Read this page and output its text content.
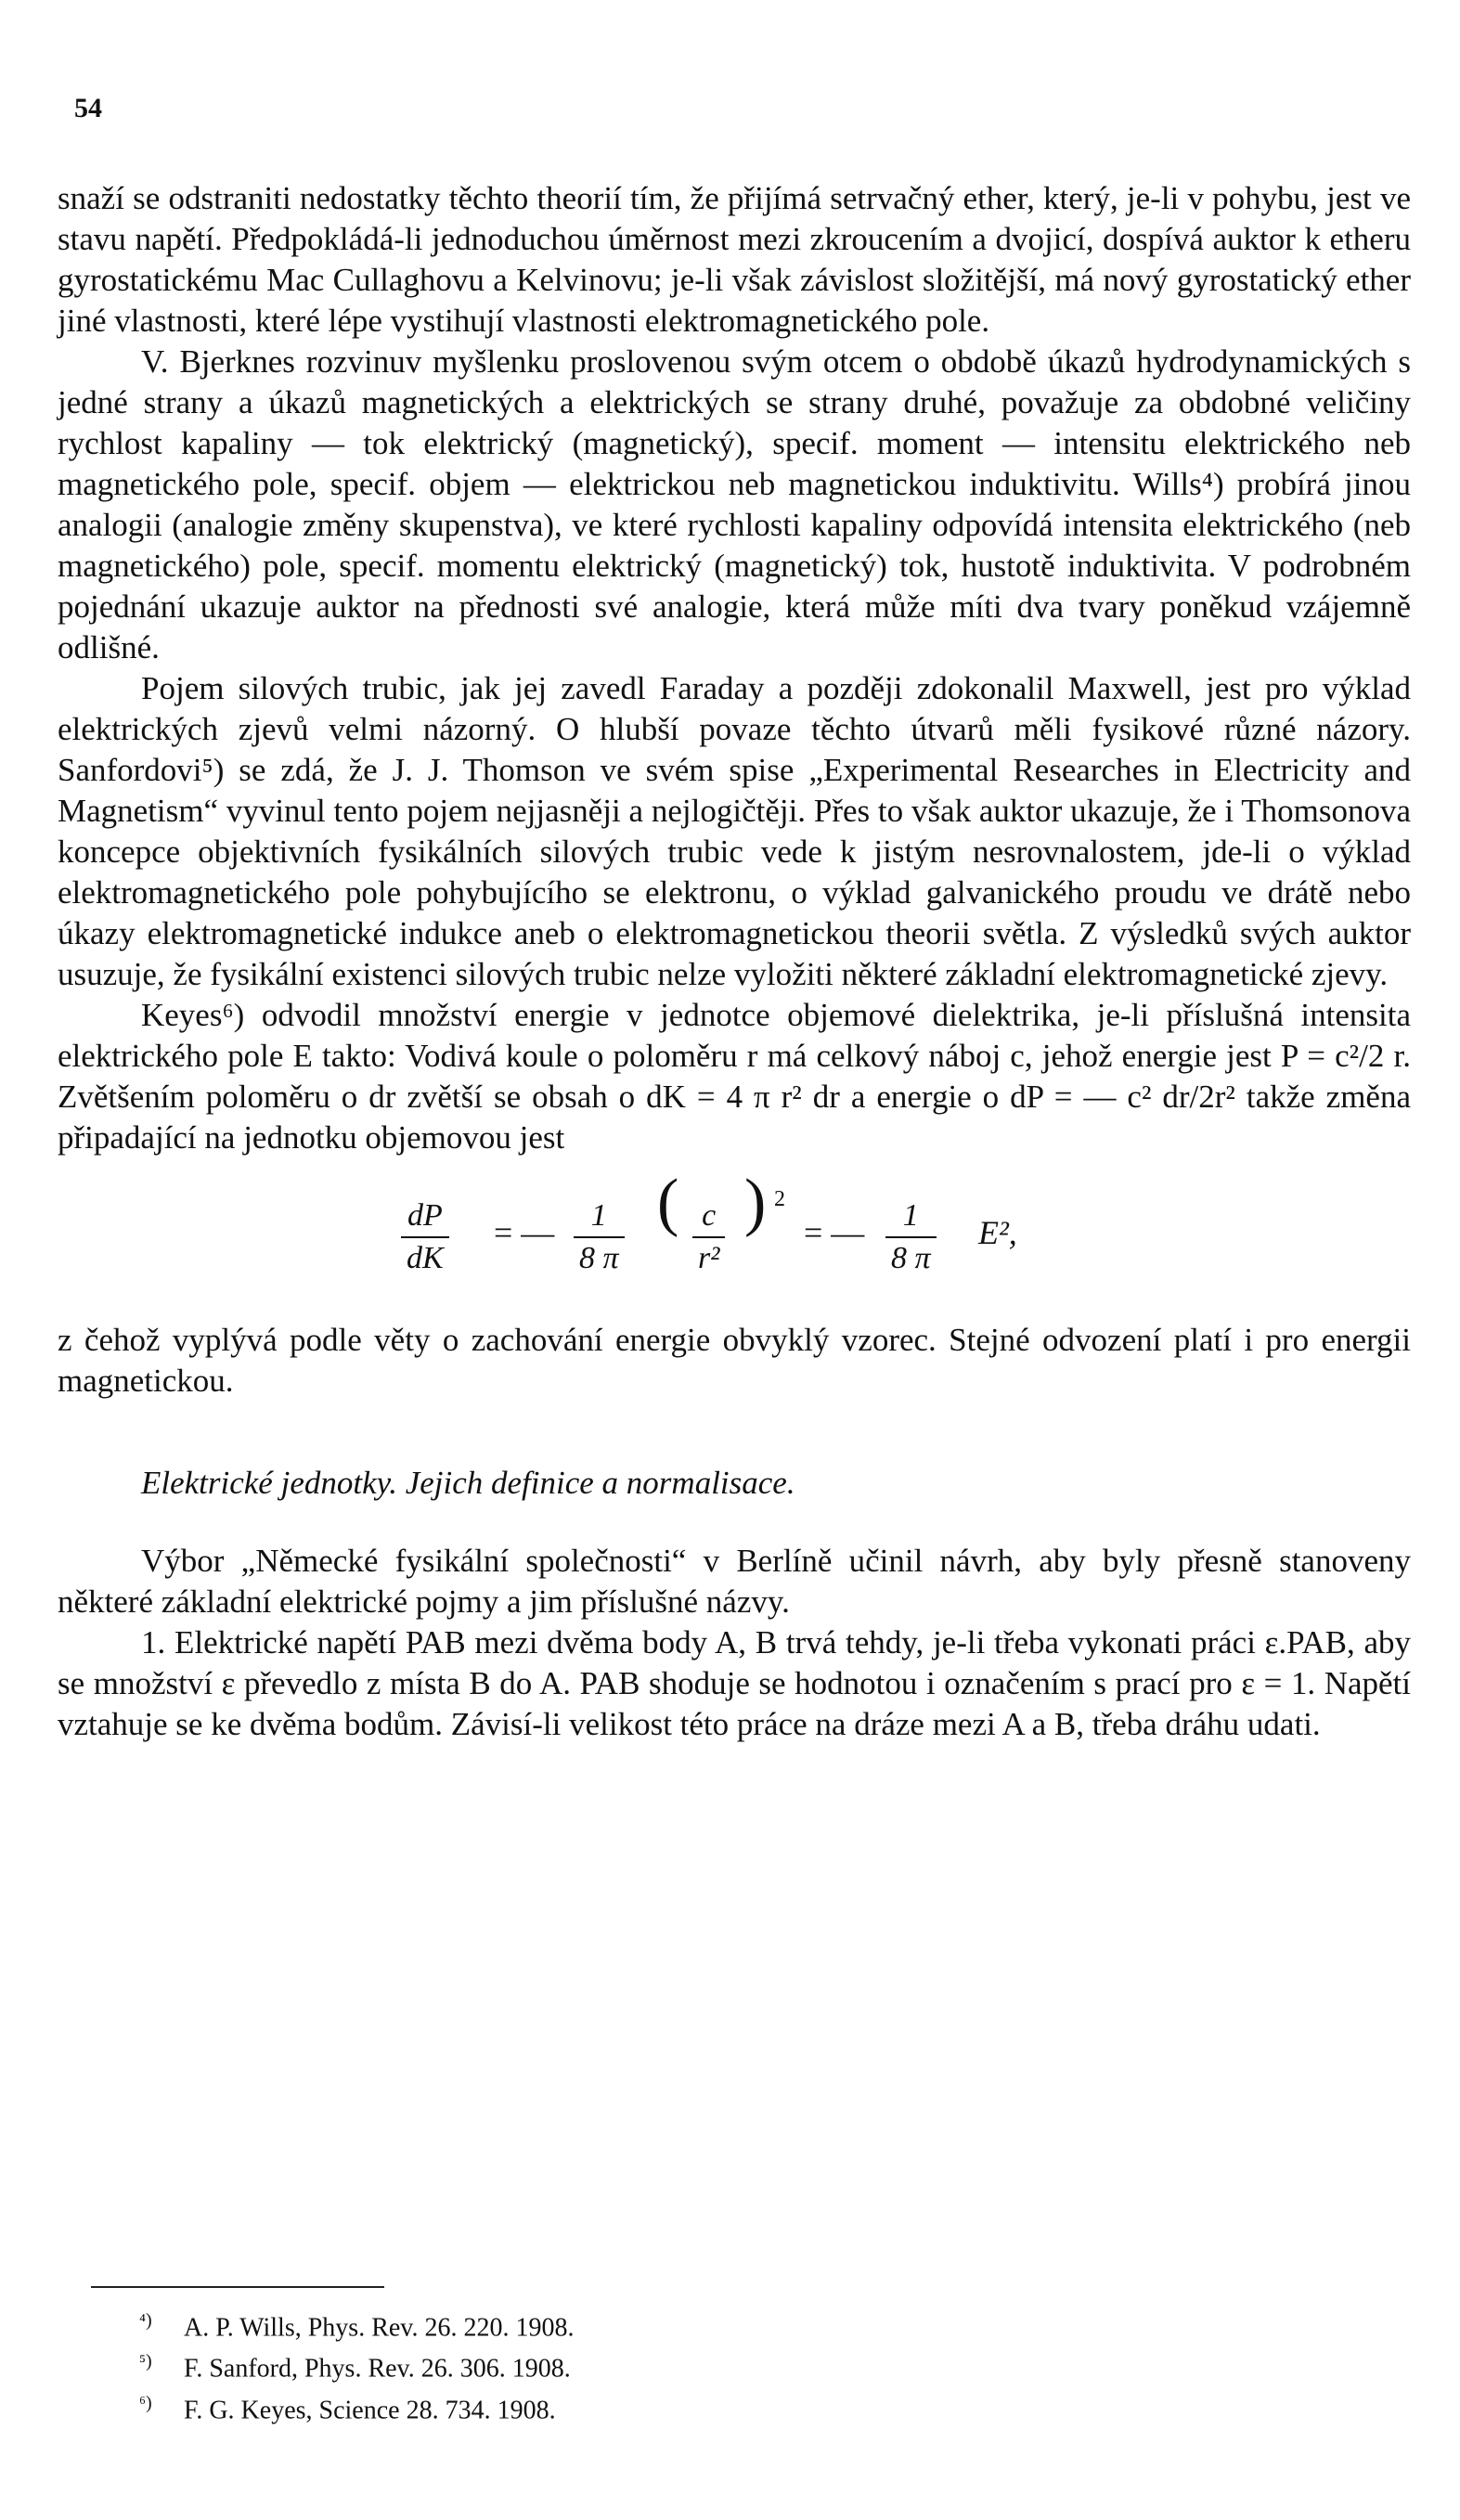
54

snaží se odstraniti nedostatky těchto theorií tím, že přijímá setrvačný ether, který, je-li v pohybu, jest ve stavu napětí. Předpokládá-li jednoduchou úměrnost mezi zkroucením a dvojicí, dospívá auktor k etheru gyrostatickému Mac Cullaghovu a Kelvinovu; je-li však závislost složitější, má nový gyrostatický ether jiné vlastnosti, které lépe vystihují vlastnosti elektromagnetického pole.

V. Bjerknes rozvinuv myšlenku proslovenou svým otcem o obdobě úkazů hydrodynamických s jedné strany a úkazů magnetických a elektrických se strany druhé, považuje za obdobné veličiny rychlost kapaliny — tok elektrický (magnetický), specif. moment — intensitu elektrického neb magnetického pole, specif. objem — elektrickou neb magnetickou induktivitu. Wills⁴) probírá jinou analogii (analogie změny skupenstva), ve které rychlosti kapaliny odpovídá intensita elektrického (neb magnetického) pole, specif. momentu elektrický (magnetický) tok, hustotě induktivita. V podrobném pojednání ukazuje auktor na přednosti své analogie, která může míti dva tvary poněkud vzájemně odlišné.

Pojem silových trubic, jak jej zavedl Faraday a později zdokonalil Maxwell, jest pro výklad elektrických zjevů velmi názorný. O hlubší povaze těchto útvarů měli fysikové různé názory. Sanfordovi⁵) se zdá, že J. J. Thomson ve svém spise „Experimental Researches in Electricity and Magnetism“ vyvinul tento pojem nejjasněji a nejlogičtěji. Přes to však auktor ukazuje, že i Thomsonova koncepce objektivních fysikálních silových trubic vede k jistým nesrovnalostem, jde-li o výklad elektromagnetického pole pohybujícího se elektronu, o výklad galvanického proudu ve drátě nebo úkazy elektromagnetické indukce aneb o elektromagnetickou theorii světla. Z výsledků svých auktor usuzuje, že fysikální existenci silových trubic nelze vyložiti některé základní elektromagnetické zjevy.

Keyes⁶) odvodil množství energie v jednotce objemové dielektrika, je-li příslušná intensita elektrického pole E takto: Vodivá koule o poloměru r má celkový náboj c, jehož energie jest P = c²/2 r. Zvětšením poloměru o dr zvětší se obsah o dK = 4 π r² dr a energie o dP = — c² dr/2r² takže změna připadající na jednotku objemovou jest

$\frac{dP}{dK}$ = — $\frac{1}{8 \pi}$ ( $\frac{c}{\text{r²}}$ ) 2
= — $\frac{1}{8 \pi} E^2$,

z čehož vyplývá podle věty o zachování energie obvyklý vzorec. Stejné odvození platí i pro energii magnetickou.

Elektrické jednotky. Jejich definice a normalisace.

Výbor „Německé fysikální společnosti“ v Berlíně učinil návrh, aby byly přesně stanoveny některé základní elektrické pojmy a jim příslušné názvy.

1. Elektrické napětí PAB mezi dvěma body A, B trvá tehdy, je-li třeba vykonati práci ε.PAB, aby se množství ε převedlo z místa B do A. PAB shoduje se hodnotou i označením s prací pro ε = 1. Napětí vztahuje se ke dvěma bodům. Závisí-li velikost této práce na dráze mezi A a B, třeba dráhu udati.

⁴) A. P. Wills, Phys. Rev. 26. 220. 1908.
⁵) F. Sanford, Phys. Rev. 26. 306. 1908.
⁶) F. G. Keyes, Science 28. 734. 1908.
